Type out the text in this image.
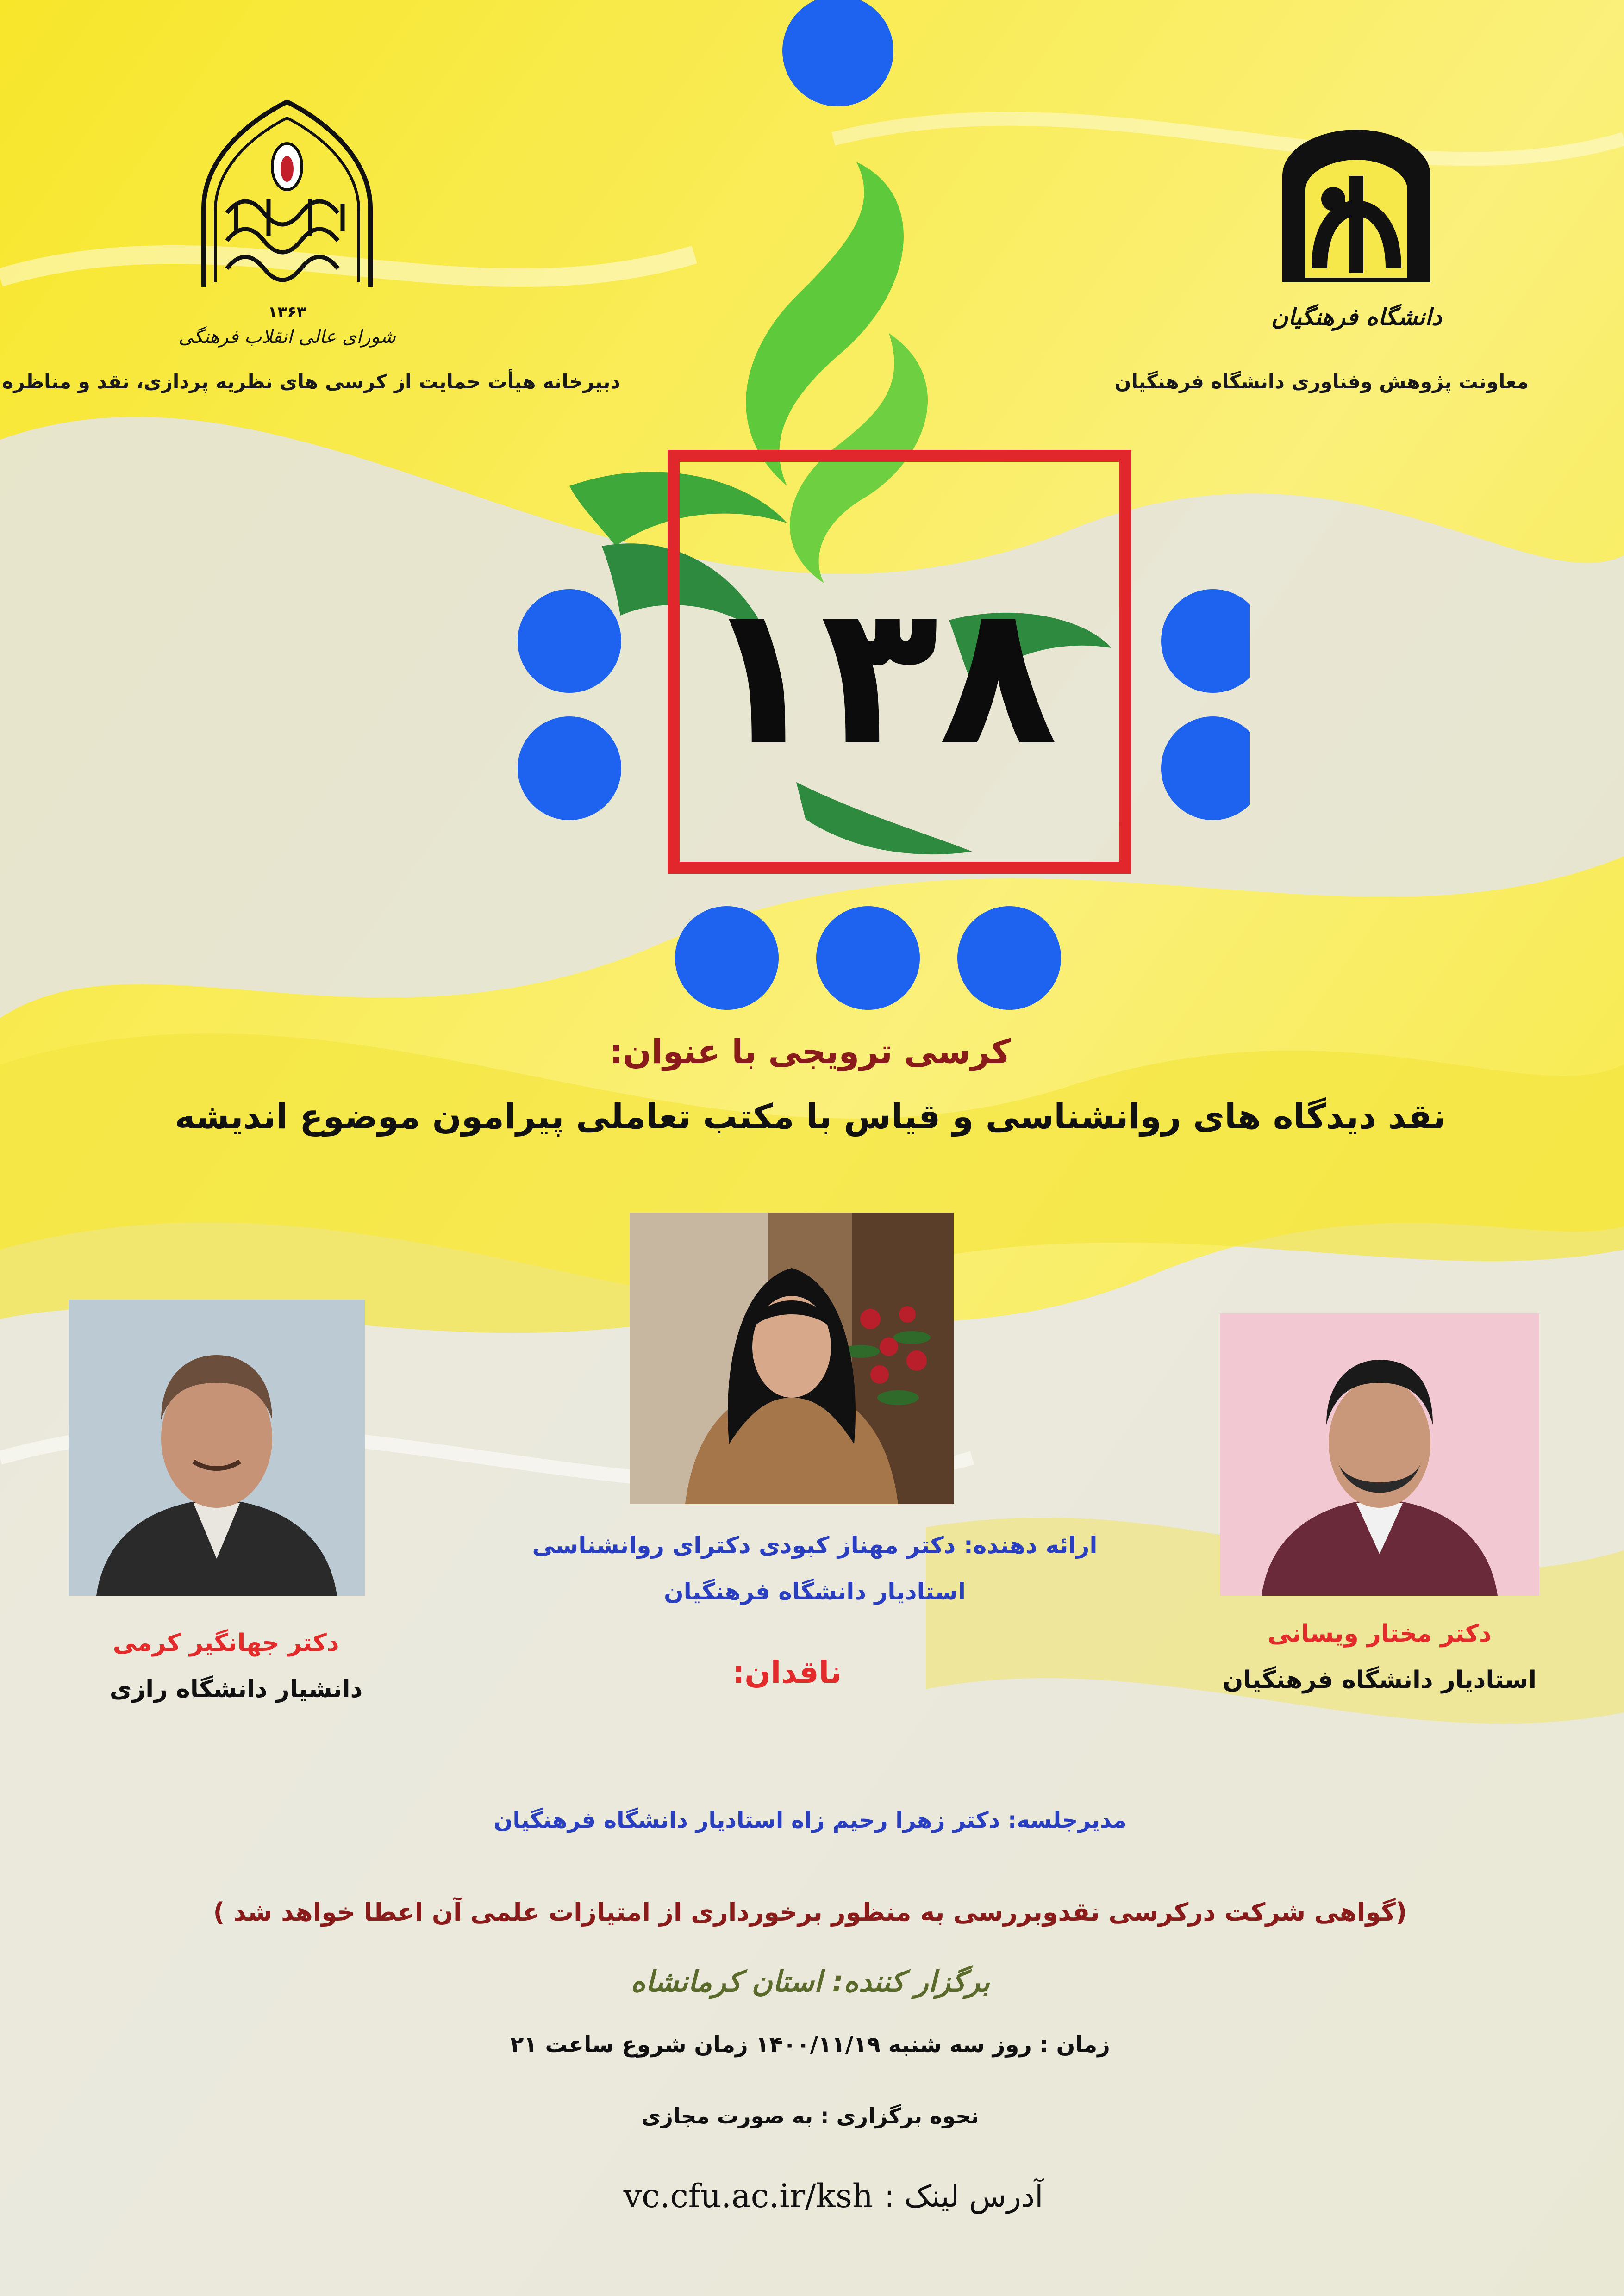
۱۳۶۳
شورای عالی انقلاب فرهنگی
دبیرخانه هیأت حمایت از کرسی های نظریه پردازی، نقد و مناظره
دانشگاه فرهنگیان
معاونت پژوهش وفناوری دانشگاه فرهنگیان
۱۳۸
کرسی ترویجی با عنوان:
نقد دیدگاه های روانشناسی و قیاس با مکتب تعاملی پیرامون موضوع اندیشه
ارائه دهنده: دکتر مهناز کبودی دکترای روانشناسی
استادیار دانشگاه فرهنگیان
دکتر جهانگیر کرمی
دانشیار دانشگاه رازی
دکتر مختار ویسانی
استادیار دانشگاه فرهنگیان
ناقدان:
مدیرجلسه: دکتر زهرا رحیم زاه استادیار دانشگاه فرهنگیان
(گواهی شرکت درکرسی نقدوبررسی به منظور برخورداری از امتیازات علمی آن اعطا خواهد شد )
برگزار کننده: استان کرمانشاه
زمان : روز سه شنبه ۱۴۰۰/۱۱/۱۹ زمان شروع ساعت ۲۱
نحوه برگزاری : به صورت مجازی
آدرس لینک :
vc.cfu.ac.ir/ksh
